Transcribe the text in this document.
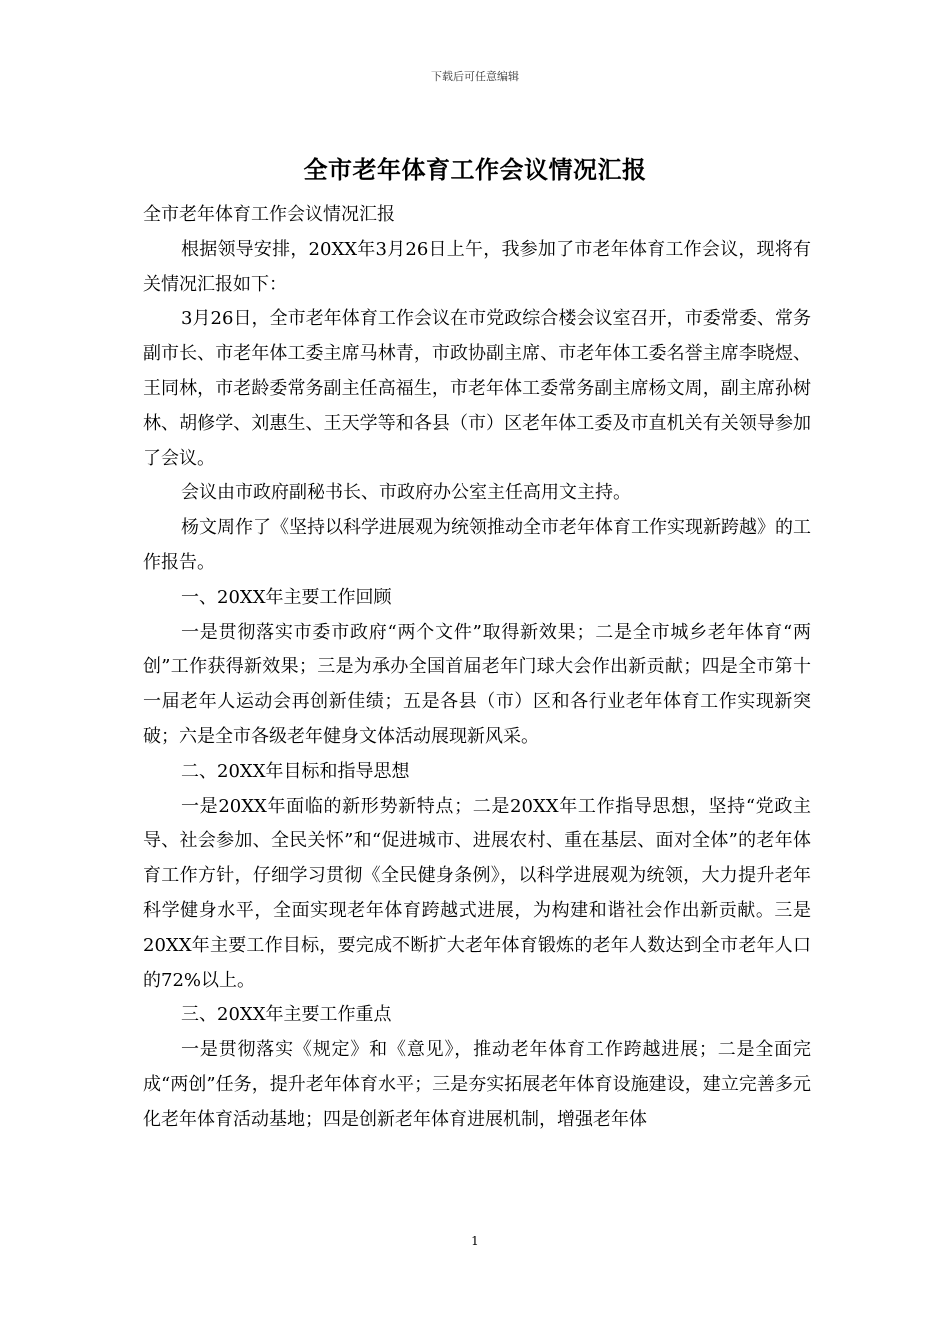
下载后可任意编辑
全市老年体育工作会议情况汇报

全市老年体育工作会议情况汇报

根据领导安排，20XX年3月26日上午，我参加了市老年体育工作会议，现将有关情况汇报如下：

3月26日，全市老年体育工作会议在市党政综合楼会议室召开，市委常委、常务副市长、市老年体工委主席马林青，市政协副主席、市老年体工委名誉主席李晓煜、王同林，市老龄委常务副主任高福生，市老年体工委常务副主席杨文周，副主席孙树林、胡修学、刘惠生、王天学等和各县（市）区老年体工委及市直机关有关领导参加了会议。

会议由市政府副秘书长、市政府办公室主任高用文主持。

杨文周作了《坚持以科学进展观为统领推动全市老年体育工作实现新跨越》的工作报告。

一、20XX年主要工作回顾

一是贯彻落实市委市政府“两个文件”取得新效果；二是全市城乡老年体育“两创”工作获得新效果；三是为承办全国首届老年门球大会作出新贡献；四是全市第十一届老年人运动会再创新佳绩；五是各县（市）区和各行业老年体育工作实现新突破；六是全市各级老年健身文体活动展现新风采。

二、20XX年目标和指导思想

一是20XX年面临的新形势新特点；二是20XX年工作指导思想，坚持“党政主导、社会参加、全民关怀”和“促进城市、进展农村、重在基层、面对全体”的老年体育工作方针，仔细学习贯彻《全民健身条例》，以科学进展观为统领，大力提升老年科学健身水平，全面实现老年体育跨越式进展，为构建和谐社会作出新贡献。三是20XX年主要工作目标，要完成不断扩大老年体育锻炼的老年人数达到全市老年人口的72%以上。

三、20XX年主要工作重点

一是贯彻落实《规定》和《意见》，推动老年体育工作跨越进展；二是全面完成“两创”任务，提升老年体育水平；三是夯实拓展老年体育设施建设，建立完善多元化老年体育活动基地；四是创新老年体育进展机制，增强老年体

1
